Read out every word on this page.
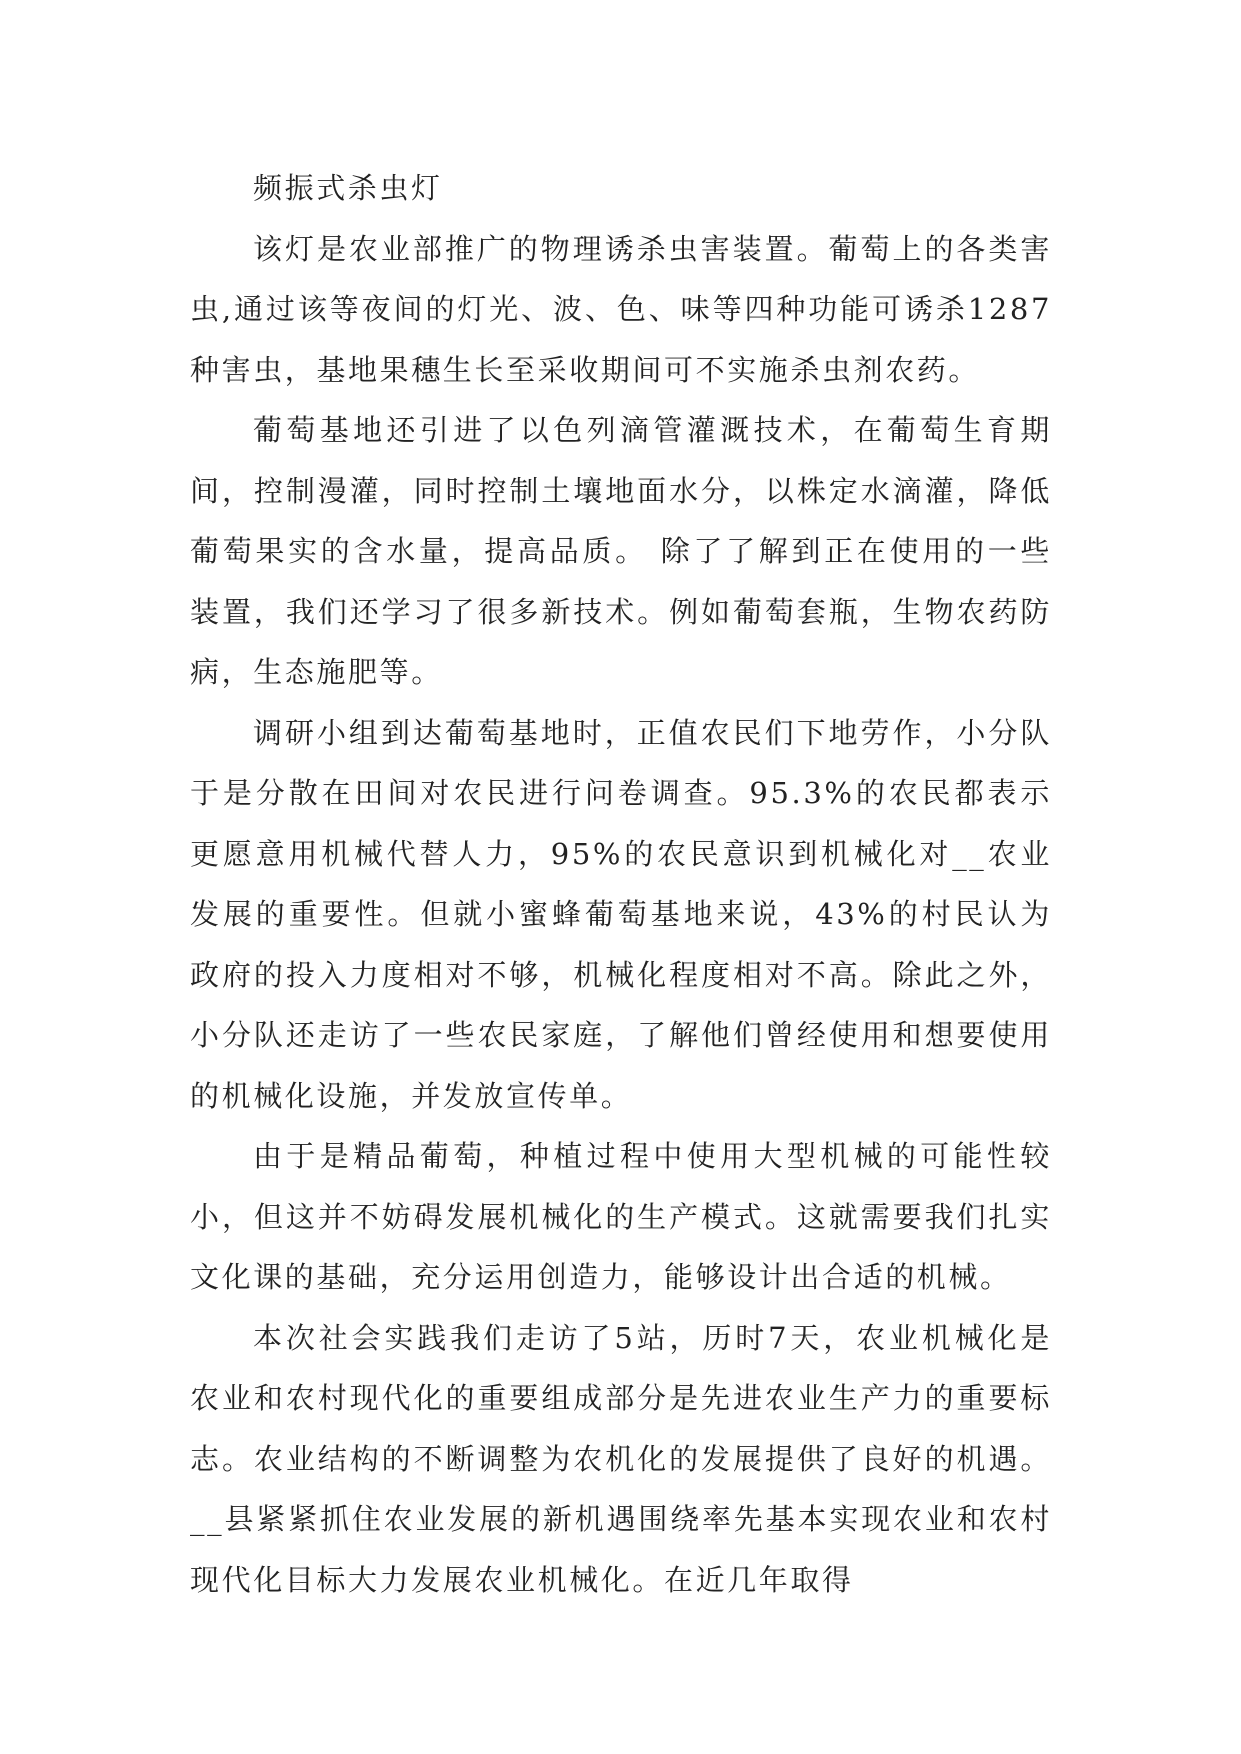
频振式杀虫灯

该灯是农业部推广的物理诱杀虫害装置。葡萄上的各类害虫,通过该等夜间的灯光、波、色、味等四种功能可诱杀1287种害虫，基地果穗生长至采收期间可不实施杀虫剂农药。

葡萄基地还引进了以色列滴管灌溉技术，在葡萄生育期间，控制漫灌，同时控制土壤地面水分，以株定水滴灌，降低葡萄果实的含水量，提高品质。 除了了解到正在使用的一些装置，我们还学习了很多新技术。例如葡萄套瓶，生物农药防病，生态施肥等。

调研小组到达葡萄基地时，正值农民们下地劳作，小分队于是分散在田间对农民进行问卷调查。95.3%的农民都表示更愿意用机械代替人力，95%的农民意识到机械化对__农业发展的重要性。但就小蜜蜂葡萄基地来说，43%的村民认为政府的投入力度相对不够，机械化程度相对不高。除此之外，小分队还走访了一些农民家庭，了解他们曾经使用和想要使用的机械化设施，并发放宣传单。

由于是精品葡萄，种植过程中使用大型机械的可能性较小，但这并不妨碍发展机械化的生产模式。这就需要我们扎实文化课的基础，充分运用创造力，能够设计出合适的机械。

本次社会实践我们走访了5站，历时7天，农业机械化是农业和农村现代化的重要组成部分是先进农业生产力的重要标志。农业结构的不断调整为农机化的发展提供了良好的机遇。__县紧紧抓住农业发展的新机遇围绕率先基本实现农业和农村现代化目标大力发展农业机械化。在近几年取得
